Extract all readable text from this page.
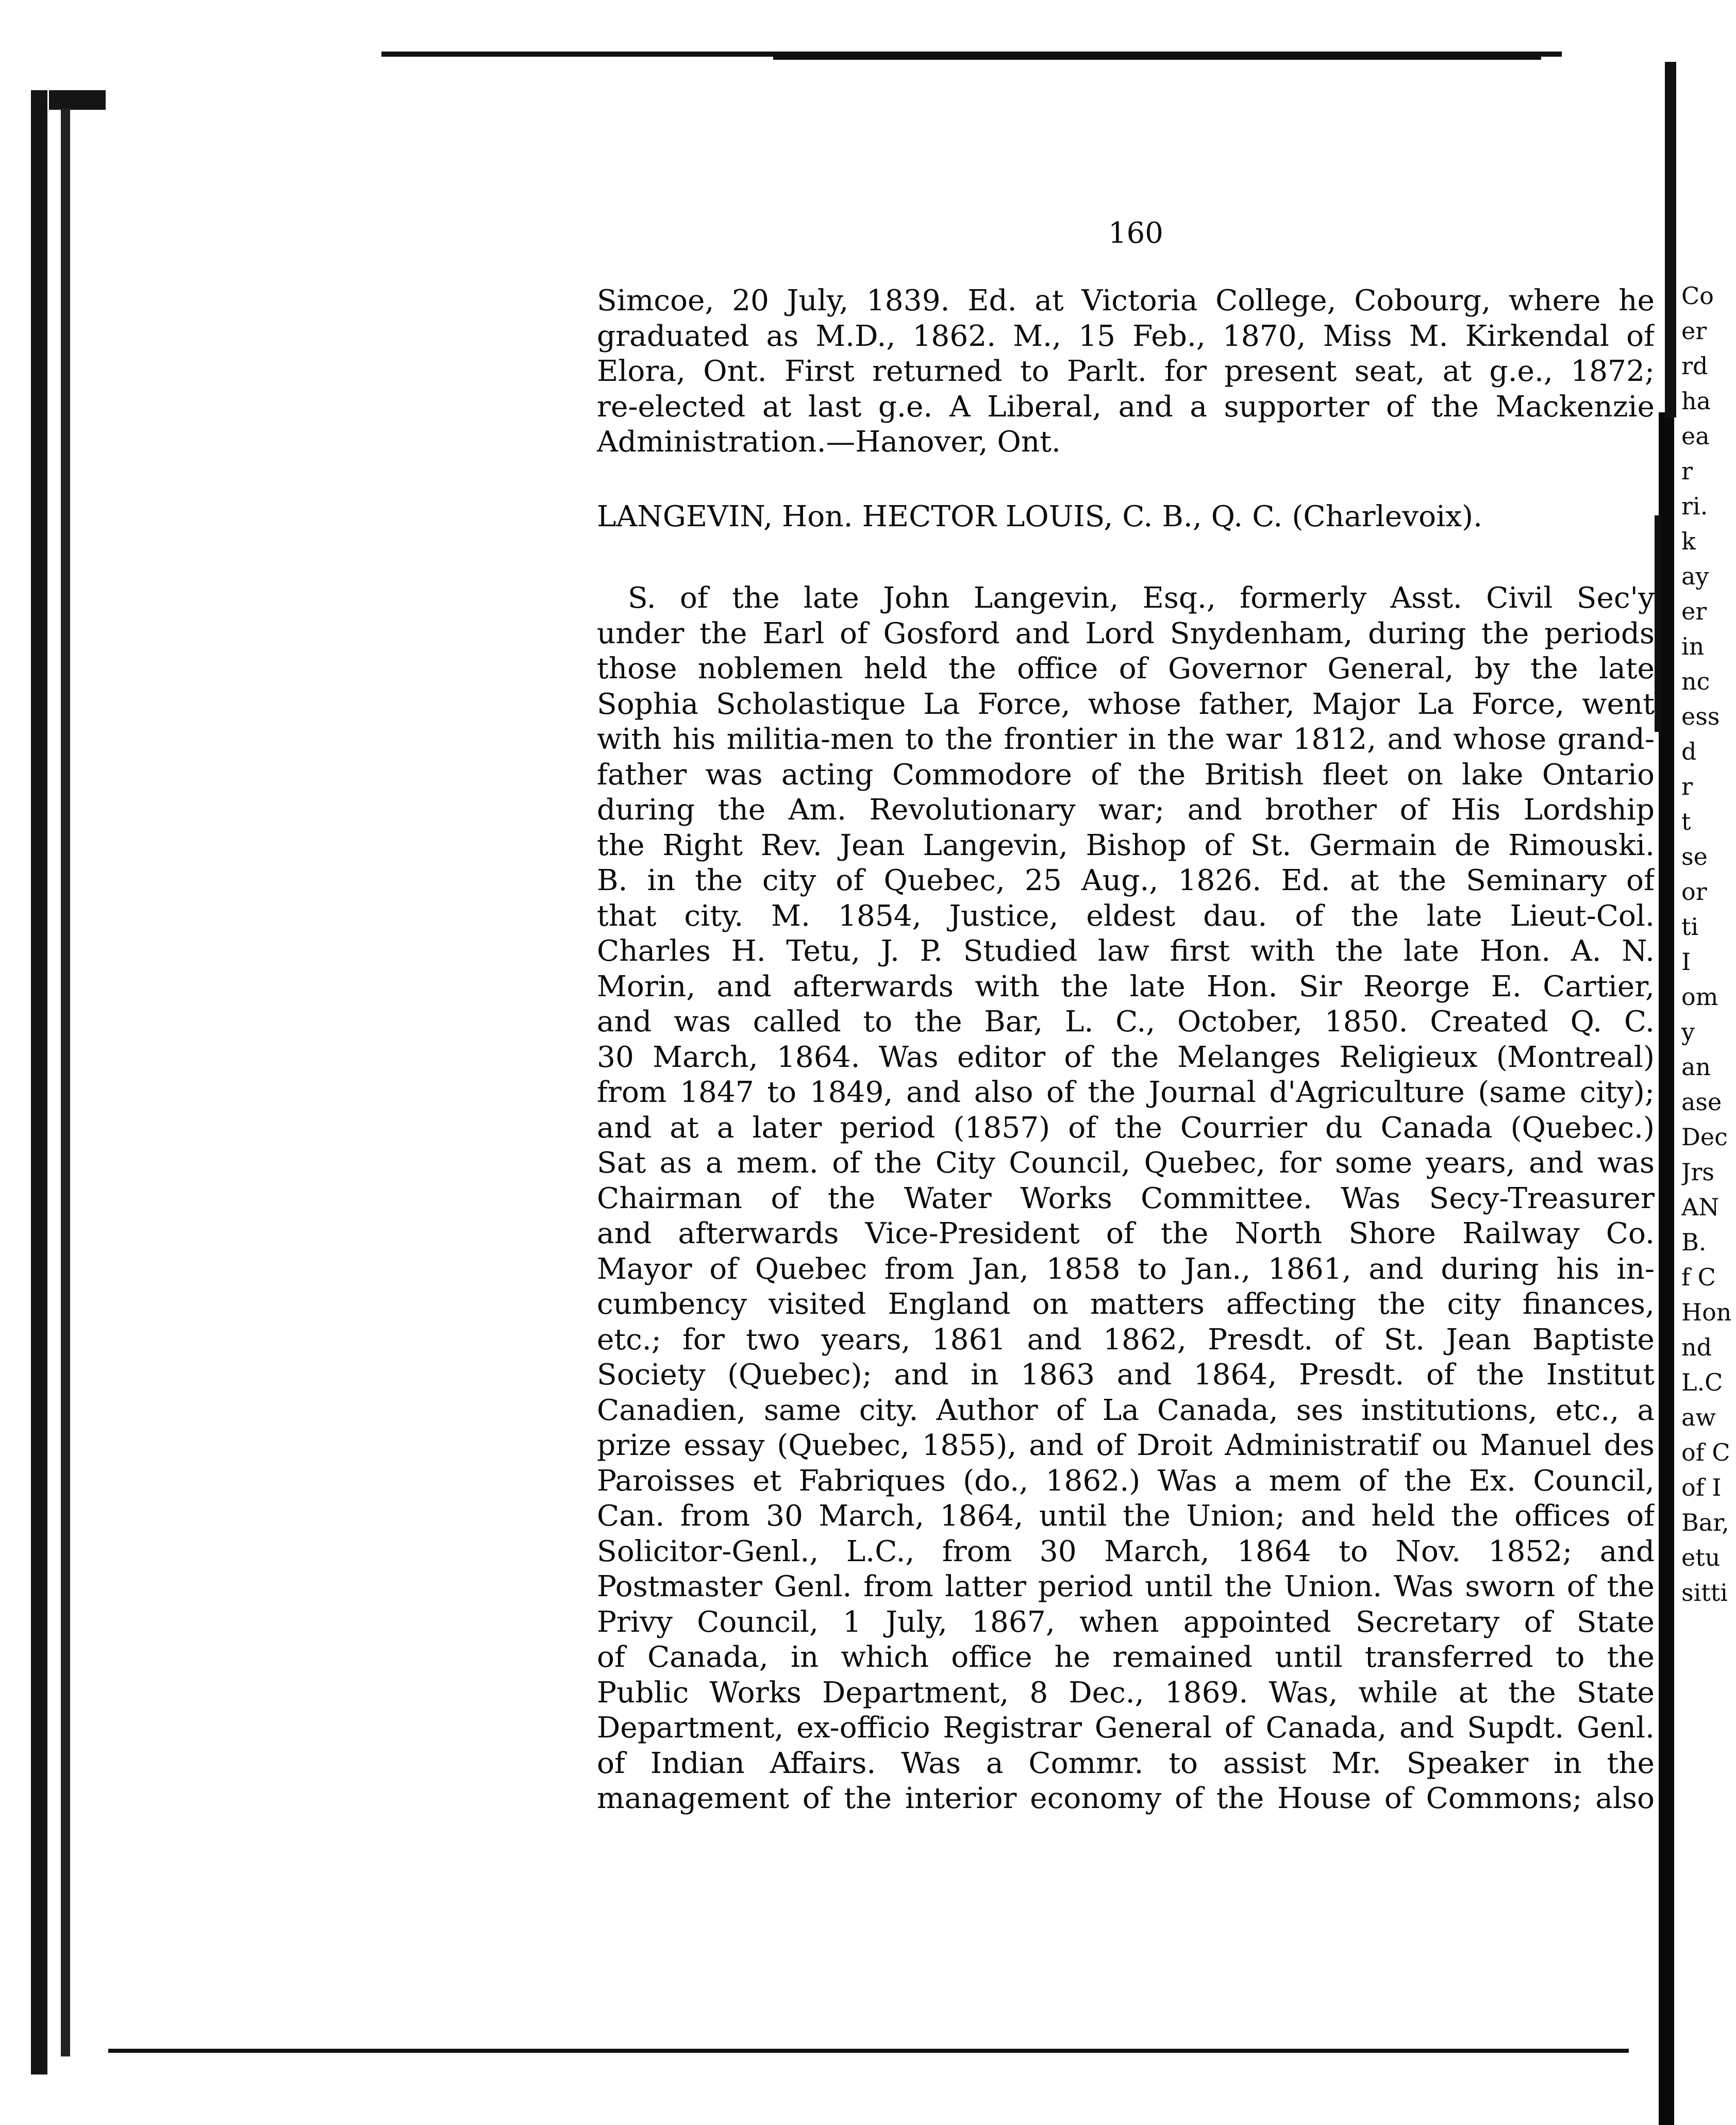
160
Simcoe, 20 July, 1839. Ed. at Victoria College, Cobourg, where he
graduated as M.D., 1862. M., 15 Feb., 1870, Miss M. Kirkendal of
Elora, Ont. First returned to Parlt. for present seat, at g.e., 1872;
re-elected at last g.e. A Liberal, and a supporter of the Mackenzie
Administration.—Hanover, Ont.
LANGEVIN, Hon. HECTOR LOUIS, C. B., Q. C. (Charlevoix).
S. of the late John Langevin, Esq., formerly Asst. Civil Sec'y
under the Earl of Gosford and Lord Snydenham, during the periods
those noblemen held the office of Governor General, by the late
Sophia Scholastique La Force, whose father, Major La Force, went
with his militia-men to the frontier in the war 1812, and whose grand-
father was acting Commodore of the British fleet on lake Ontario
during the Am. Revolutionary war; and brother of His Lordship
the Right Rev. Jean Langevin, Bishop of St. Germain de Rimouski.
B. in the city of Quebec, 25 Aug., 1826. Ed. at the Seminary of
that city. M. 1854, Justice, eldest dau. of the late Lieut-Col.
Charles H. Tetu, J. P. Studied law first with the late Hon. A. N.
Morin, and afterwards with the late Hon. Sir Reorge E. Cartier,
and was called to the Bar, L. C., October, 1850. Created Q. C.
30 March, 1864. Was editor of the Melanges Religieux (Montreal)
from 1847 to 1849, and also of the Journal d'Agriculture (same city);
and at a later period (1857) of the Courrier du Canada (Quebec.)
Sat as a mem. of the City Council, Quebec, for some years, and was
Chairman of the Water Works Committee. Was Secy-Treasurer
and afterwards Vice-President of the North Shore Railway Co.
Mayor of Quebec from Jan, 1858 to Jan., 1861, and during his in-
cumbency visited England on matters affecting the city finances,
etc.; for two years, 1861 and 1862, Presdt. of St. Jean Baptiste
Society (Quebec); and in 1863 and 1864, Presdt. of the Institut
Canadien, same city. Author of La Canada, ses institutions, etc., a
prize essay (Quebec, 1855), and of Droit Administratif ou Manuel des
Paroisses et Fabriques (do., 1862.) Was a mem of the Ex. Council,
Can. from 30 March, 1864, until the Union; and held the offices of
Solicitor-Genl., L.C., from 30 March, 1864 to Nov. 1852; and
Postmaster Genl. from latter period until the Union. Was sworn of the
Privy Council, 1 July, 1867, when appointed Secretary of State
of Canada, in which office he remained until transferred to the
Public Works Department, 8 Dec., 1869. Was, while at the State
Department, ex-officio Registrar General of Canada, and Supdt. Genl.
of Indian Affairs. Was a Commr. to assist Mr. Speaker in the
management of the interior economy of the House of Commons; also
Co
er
rd
ha
ea
r
ri.
k
ay
er
in
nc
ess
d
r
t
se
or
ti
I
om
y
an
ase
Dec
Jrs
AN
B.
f C
Hon
nd
L.C
aw
of C
of I
Bar,
etu
sitti
